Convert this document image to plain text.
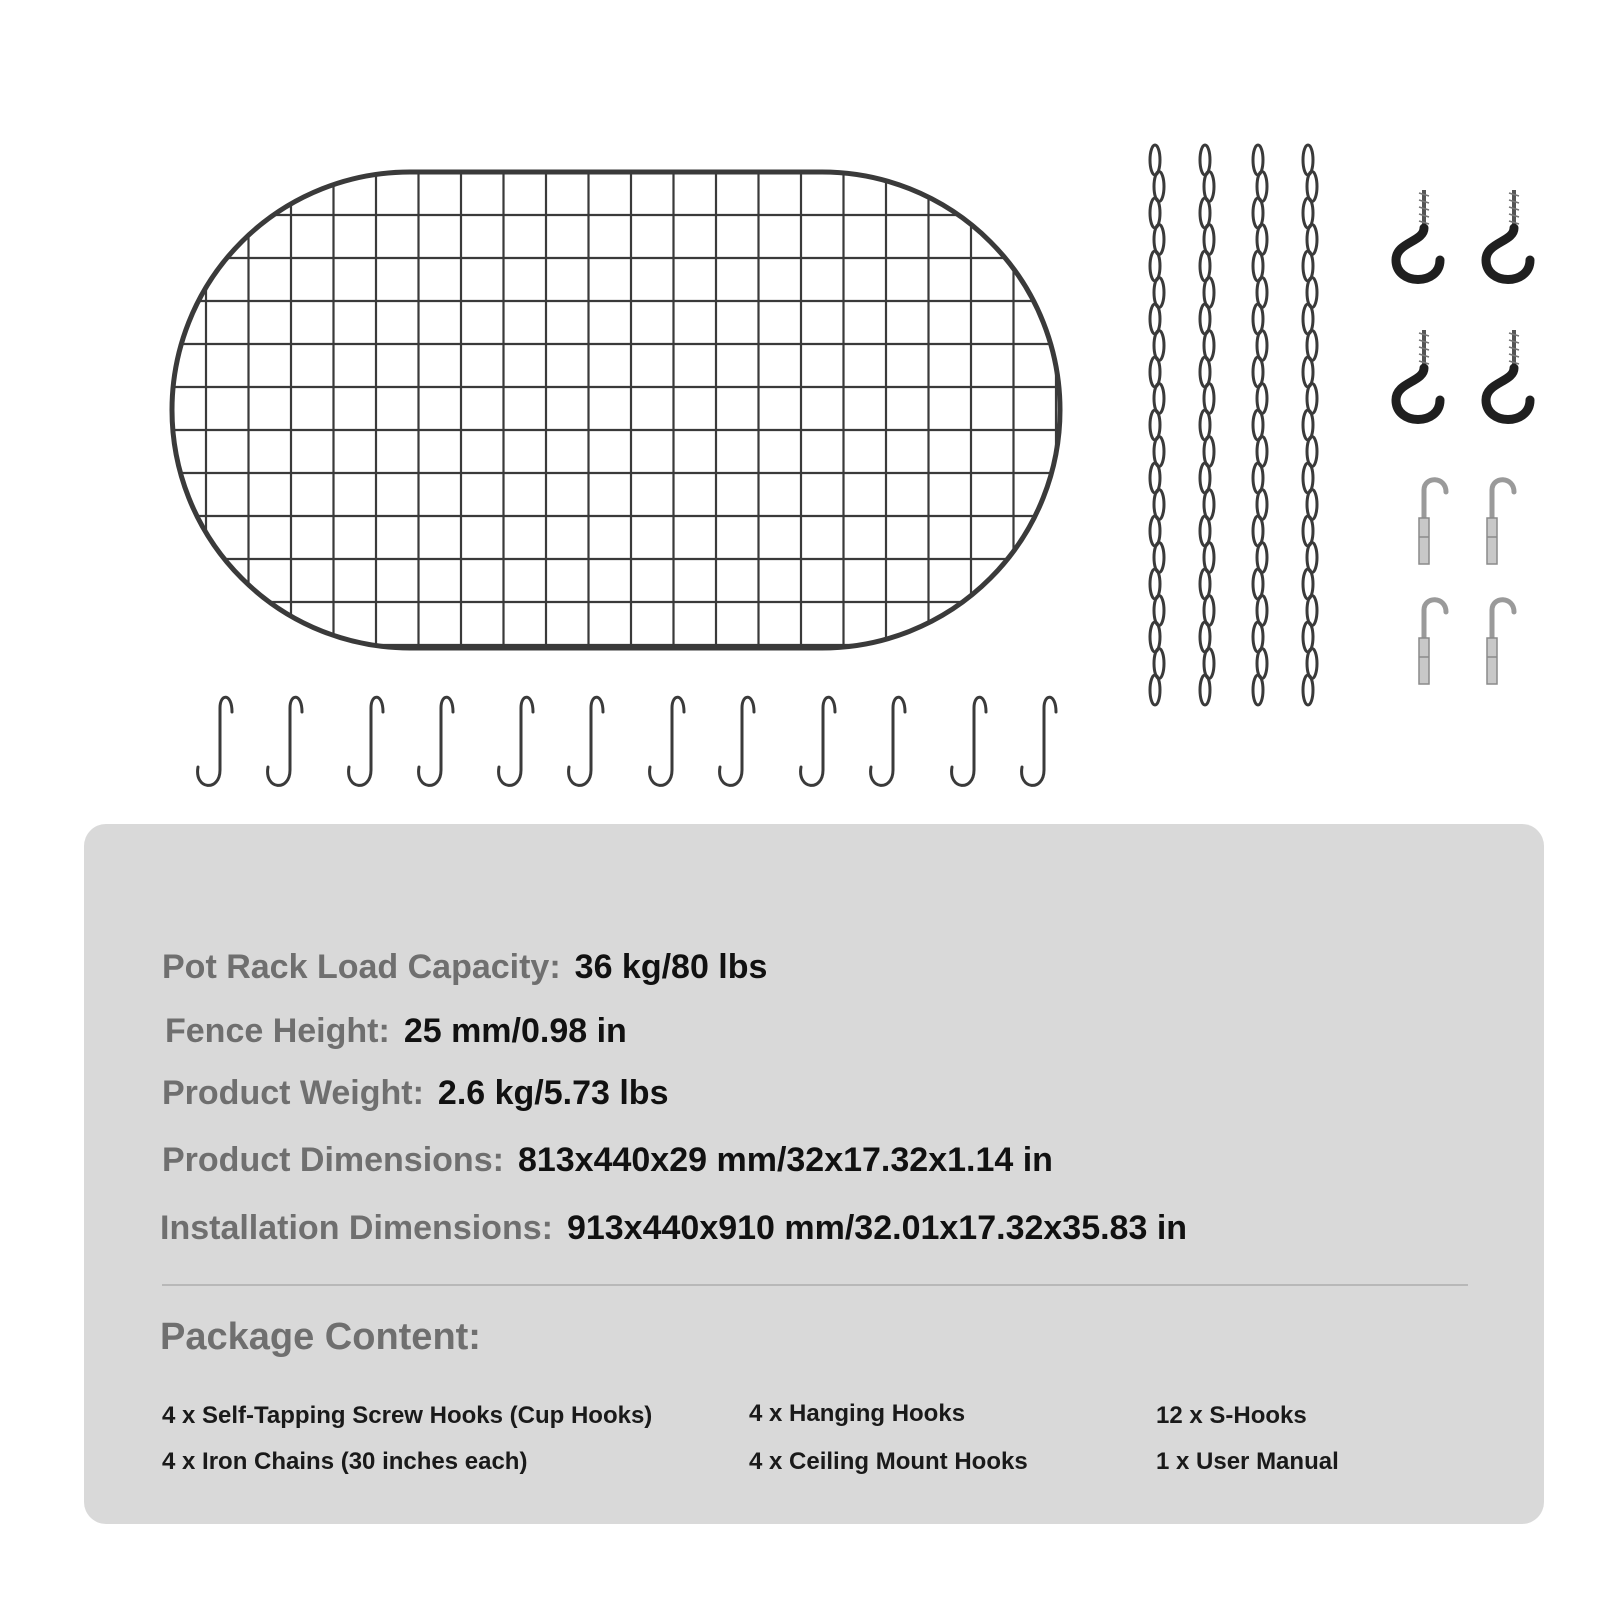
Pot Rack Load Capacity: 36 kg/80 lbs
Fence Height: 25 mm/0.98 in
Product Weight: 2.6 kg/5.73 lbs
Product Dimensions: 813x440x29 mm/32x17.32x1.14 in
Installation Dimensions: 913x440x910 mm/32.01x17.32x35.83 in
Package Content:
4 x Self-Tapping Screw Hooks (Cup Hooks)	4 x Hanging Hooks	12 x S-Hooks
4 x Iron Chains (30 inches each)	4 x Ceiling Mount Hooks	1 x User Manual
